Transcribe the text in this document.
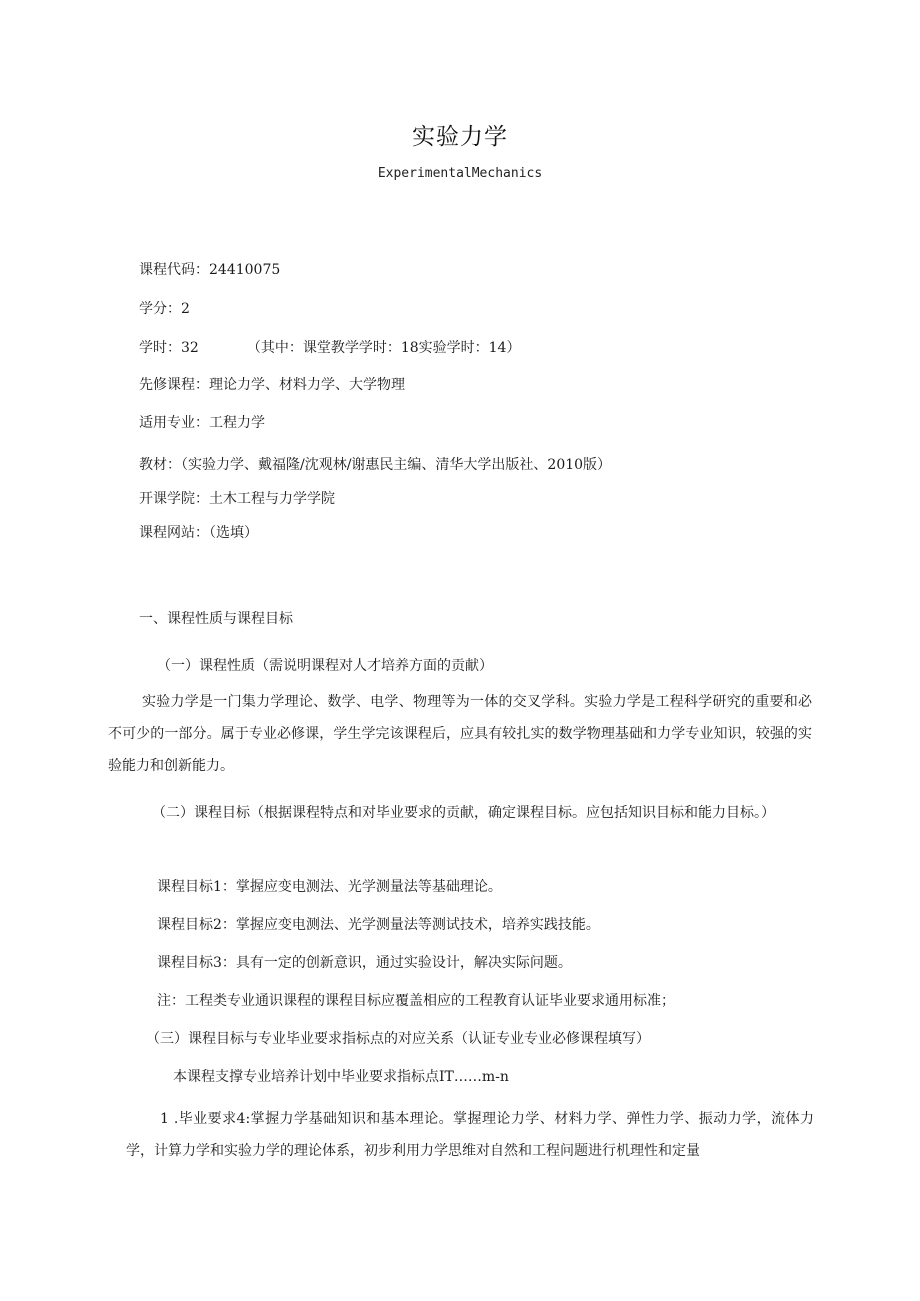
实验力学
ExperimentalMechanics
课程代码：24410075
学分：2
学时：32	（其中：课堂教学学时：18实验学时：14）
先修课程：理论力学、材料力学、大学物理
适用专业：工程力学
教材：（实验力学、戴福隆/沈观林/谢惠民主编、清华大学出版社、2010版）
开课学院：土木工程与力学学院
课程网站：（选填）
一、课程性质与课程目标
（一）课程性质（需说明课程对人才培养方面的贡献）
实验力学是一门集力学理论、数学、电学、物理等为一体的交叉学科。实验力学是工程科学研究的重要和必不可少的一部分。属于专业必修课，学生学完该课程后，应具有较扎实的数学物理基础和力学专业知识，较强的实验能力和创新能力。
（二）课程目标（根据课程特点和对毕业要求的贡献，确定课程目标。应包括知识目标和能力目标。）
课程目标1：掌握应变电测法、光学测量法等基础理论。
课程目标2：掌握应变电测法、光学测量法等测试技术，培养实践技能。
课程目标3：具有一定的创新意识，通过实验设计，解决实际问题。
注：工程类专业通识课程的课程目标应覆盖相应的工程教育认证毕业要求通用标准；
（三）课程目标与专业毕业要求指标点的对应关系（认证专业专业必修课程填写）
本课程支撑专业培养计划中毕业要求指标点IT……m-n
1 .毕业要求4:掌握力学基础知识和基本理论。掌握理论力学、材料力学、弹性力学、振动力学，流体力学，计算力学和实验力学的理论体系，初步利用力学思维对自然和工程问题进行机理性和定量
